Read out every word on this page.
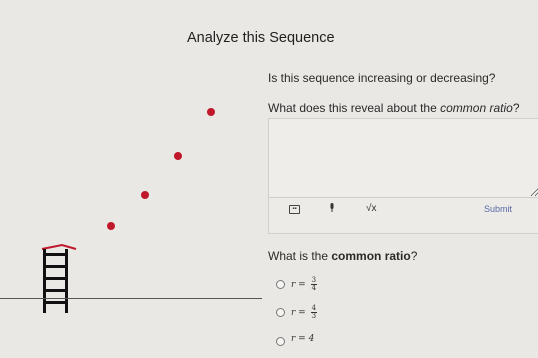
Analyze this Sequence
Is this sequence increasing or decreasing?
What does this reveal about the common ratio?
▪▪	√x	Submit
What is the common ratio?
$r = \frac{3}{4}$
$r = \frac{4}{3}$
r = 4
